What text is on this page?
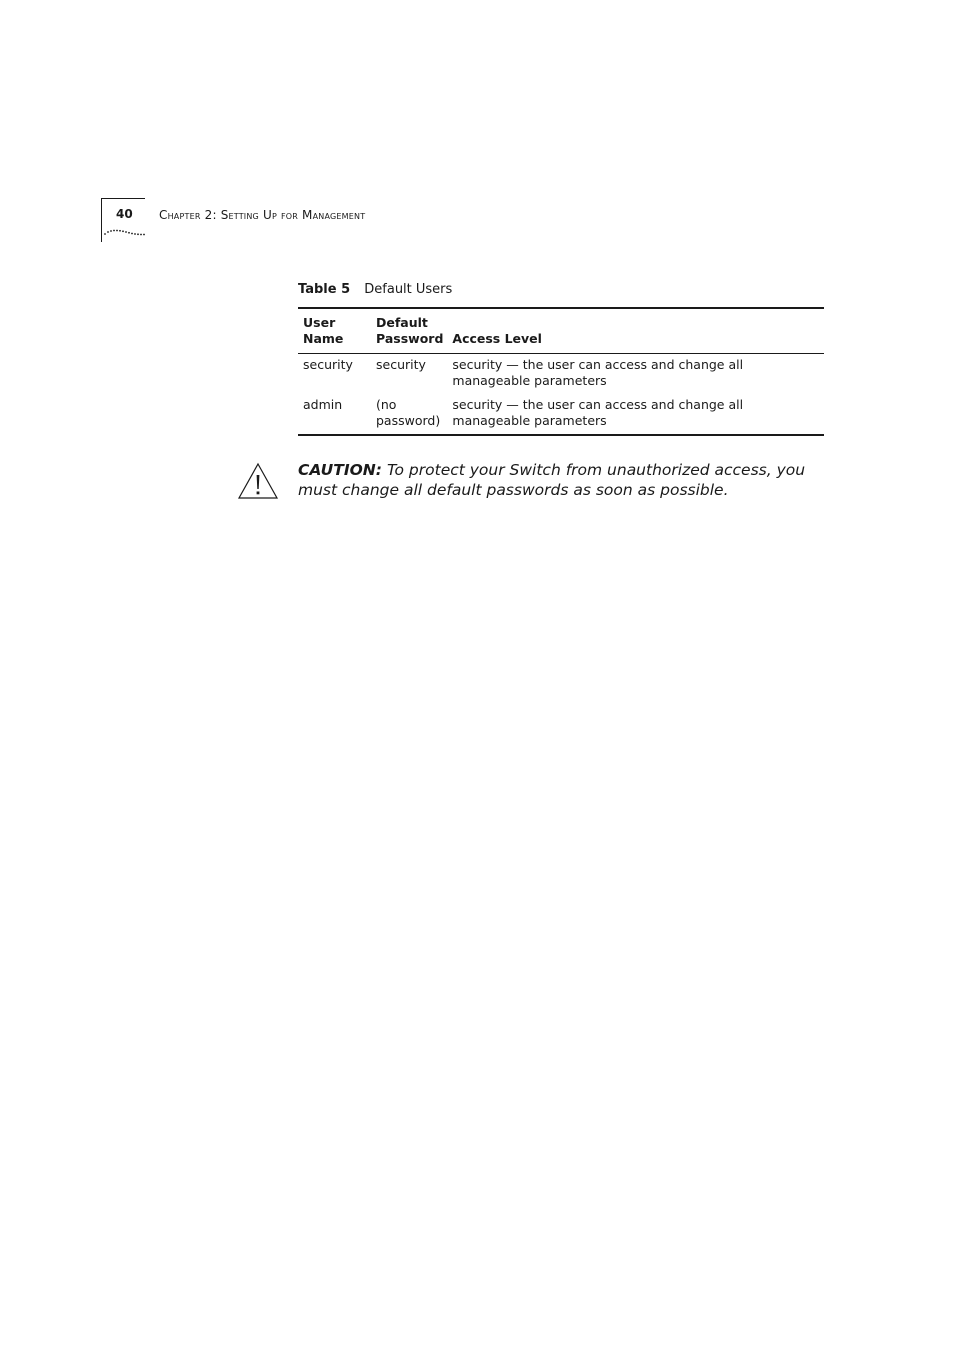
40 Chapter 2: Setting Up for Management
Table 5 Default Users
User Name	Default Password	Access Level
security	security	security — the user can access and change all manageable parameters
admin	(no password)	security — the user can access and change all manageable parameters
CAUTION: To protect your Switch from unauthorized access, you must change all default passwords as soon as possible.
